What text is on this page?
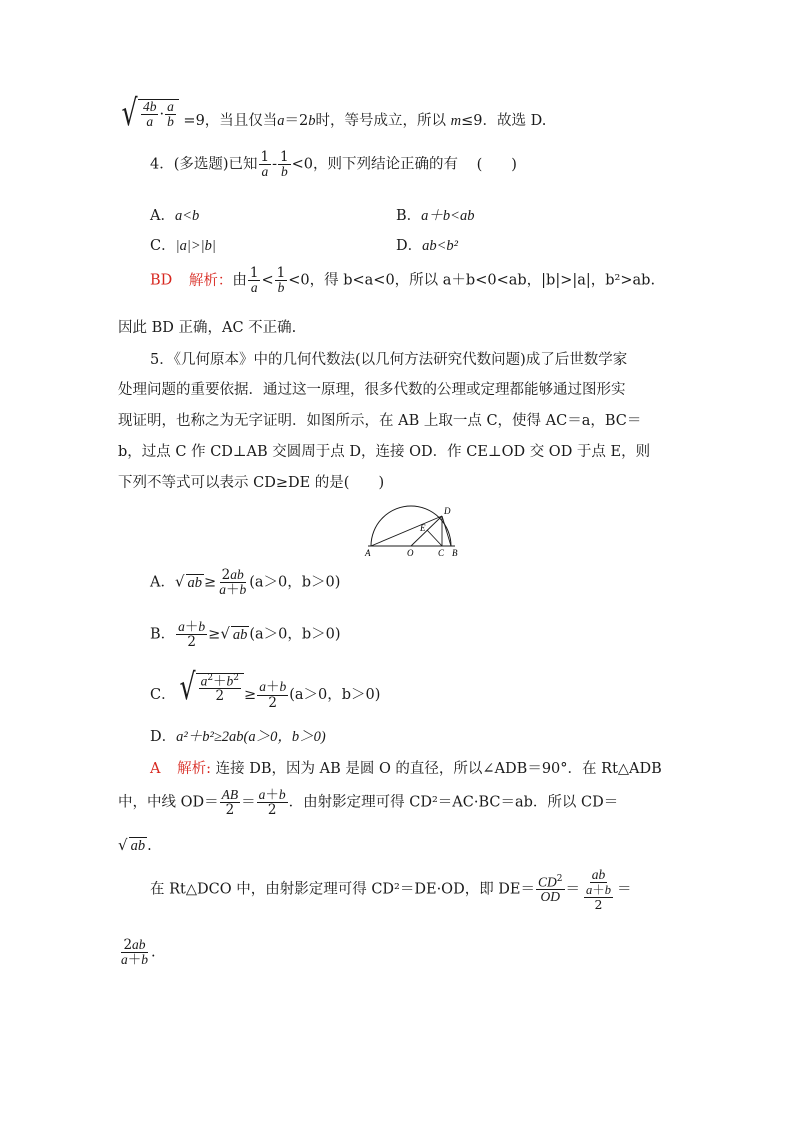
√ $\frac{4b}{a} \cdot \frac{a}{b} =9$，当且仅当a＝2b时，等号成立，所以 m≤9．故选 D.
4．(多选题)已知 $\frac{1}{a} - \frac{1}{b} <0$，则下列结论正确的有 (　　)
A．a<b	B．a＋b<ab
C．|a|>|b|	D．ab<b²
BD 解析：由 $\frac{1}{a} < \frac{1}{b} <0$，得 b<a<0，所以 a＋b<0<ab，|b|>|a|，b²>ab.
因此 BD 正确，AC 不正确.
5．《几何原本》中的几何代数法(以几何方法研究代数问题)成了后世数学家
处理问题的重要依据．通过这一原理，很多代数的公理或定理都能够通过图形实
现证明，也称之为无字证明．如图所示，在 AB 上取一点 C，使得 AC＝a，BC＝
b，过点 C 作 CD⊥AB 交圆周于点 D，连接 OD．作 CE⊥OD 交 OD 于点 E，则
下列不等式可以表示 CD≥DE 的是(　　)
A	O	C B
D
E
A．√ ab ≥ $\frac{2ab}{a+b} (a>0$，b＞0)
B． $\frac{a+b}{2}$ ≥√ ab (a＞0，b＞0)
C． √ $\frac{a^2+b^2}{2} \ge \frac{a+b}{2} (a>0$，b＞0)
D．a²＋b²≥2ab(a＞0，b＞0)
A 解析: 连接 DB，因为 AB 是圆 O 的直径，所以∠ADB＝90°．在 Rt△ADB
中，中线 $OD= \frac{AB}{2} = \frac{a+b}{2}$ ．由射影定理可得 CD²＝AC·BC＝ab．所以 CD＝
√ ab .
在 Rt△DCO 中，由射影定理可得 CD²＝DE·OD，即 $DE= \frac{CD^2}{OD} = \frac{ab}{\frac{a+b}{2}}$ ＝
$\frac{2ab}{a+b}$ .
